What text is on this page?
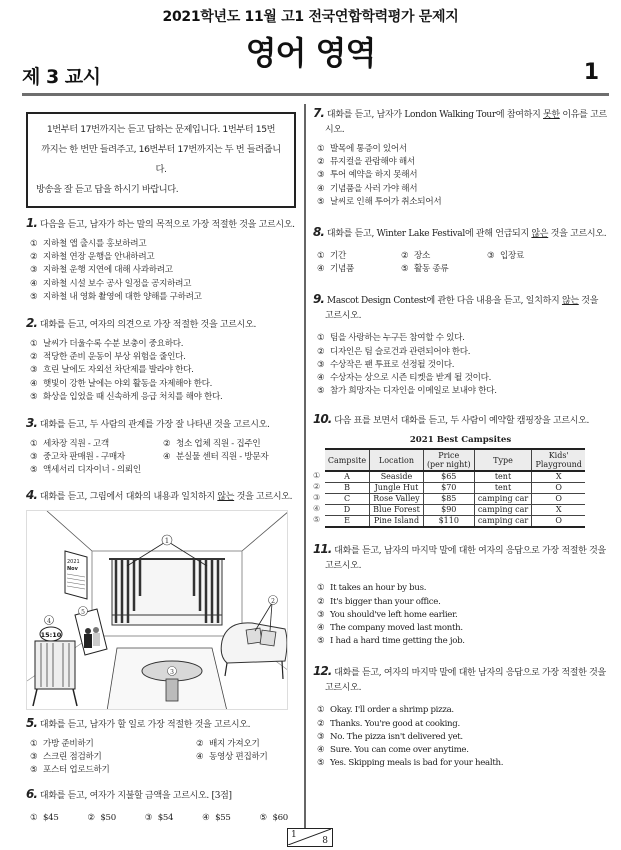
2021학년도 11월 고1 전국연합학력평가 문제지
영어 영역
제 3 교시	1
1번부터 17번까지는 듣고 답하는 문제입니다. 1번부터 15번
까지는 한 번만 들려주고, 16번부터 17번까지는 두 번 들려줍니다.
방송을 잘 듣고 답을 하시기 바랍니다.
1. 다음을 듣고, 남자가 하는 말의 목적으로 가장 적절한 것을 고르시오.
① 지하철 앱 출시를 홍보하려고
② 지하철 연장 운행을 안내하려고
③ 지하철 운행 지연에 대해 사과하려고
④ 지하철 시설 보수 공사 일정을 공지하려고
⑤ 지하철 내 영화 촬영에 대한 양해를 구하려고
2. 대화를 듣고, 여자의 의견으로 가장 적절한 것을 고르시오.
① 날씨가 더울수록 수분 보충이 중요하다.
② 적당한 준비 운동이 부상 위험을 줄인다.
③ 흐린 날에도 자외선 차단제를 발라야 한다.
④ 햇빛이 강한 날에는 야외 활동을 자제해야 한다.
⑤ 화상을 입었을 때 신속하게 응급 처치를 해야 한다.
3. 대화를 듣고, 두 사람의 관계를 가장 잘 나타낸 것을 고르시오.
① 세차장 직원 - 고객	② 청소 업체 직원 - 집주인
③ 중고차 판매원 - 구매자	④ 분실물 센터 직원 - 방문자
⑤ 액세서리 디자이너 - 의뢰인
4. 대화를 듣고, 그림에서 대화의 내용과 일치하지 않는 것을 고르시오.
1
2021
Nov
15:10
4
5
3
2
5. 대화를 듣고, 남자가 할 일로 가장 적절한 것을 고르시오.
① 가방 준비하기	② 배지 가져오기
③ 스크린 점검하기	④ 동영상 편집하기
⑤ 포스터 업로드하기
6. 대화를 듣고, 여자가 지불할 금액을 고르시오. [3점]
① $45	② $50	③ $54	④ $55	⑤ $60
7. 대화를 듣고, 남자가 London Walking Tour에 참여하지 못한 이유를 고르시오.
① 발목에 통증이 있어서
② 뮤지컬을 관람해야 해서
③ 투어 예약을 하지 못해서
④ 기념품을 사러 가야 해서
⑤ 날씨로 인해 투어가 취소되어서
8. 대화를 듣고, Winter Lake Festival에 관해 언급되지 않은 것을 고르시오.
① 기간	② 장소	③ 입장료
④ 기념품	⑤ 활동 종류
9. Mascot Design Contest에 관한 다음 내용을 듣고, 일치하지 않는 것을 고르시오.
① 팀을 사랑하는 누구든 참여할 수 있다.
② 디자인은 팀 슬로건과 관련되어야 한다.
③ 수상작은 팬 투표로 선정될 것이다.
④ 수상자는 상으로 시즌 티켓을 받게 될 것이다.
⑤ 참가 희망자는 디자인을 이메일로 보내야 한다.
10. 다음 표를 보면서 대화를 듣고, 두 사람이 예약할 캠핑장을 고르시오.
2021 Best Campsites
①
②
③
④
⑤
Campsite	Location	Price
(per night)	Type	Kids'
Playground
A	Seaside	$65	tent	X
B	Jungle Hut	$70	tent	O
C	Rose Valley	$85	camping car	O
D	Blue Forest	$90	camping car	X
E	Pine Island	$110	camping car	O
11. 대화를 듣고, 남자의 마지막 말에 대한 여자의 응답으로 가장 적절한 것을 고르시오.
① It takes an hour by bus.
② It's bigger than your office.
③ You should've left home earlier.
④ The company moved last month.
⑤ I had a hard time getting the job.
12. 대화를 듣고, 여자의 마지막 말에 대한 남자의 응답으로 가장 적절한 것을 고르시오.
① Okay. I'll order a shrimp pizza.
② Thanks. You're good at cooking.
③ No. The pizza isn't delivered yet.
④ Sure. You can come over anytime.
⑤ Yes. Skipping meals is bad for your health.
1
8
